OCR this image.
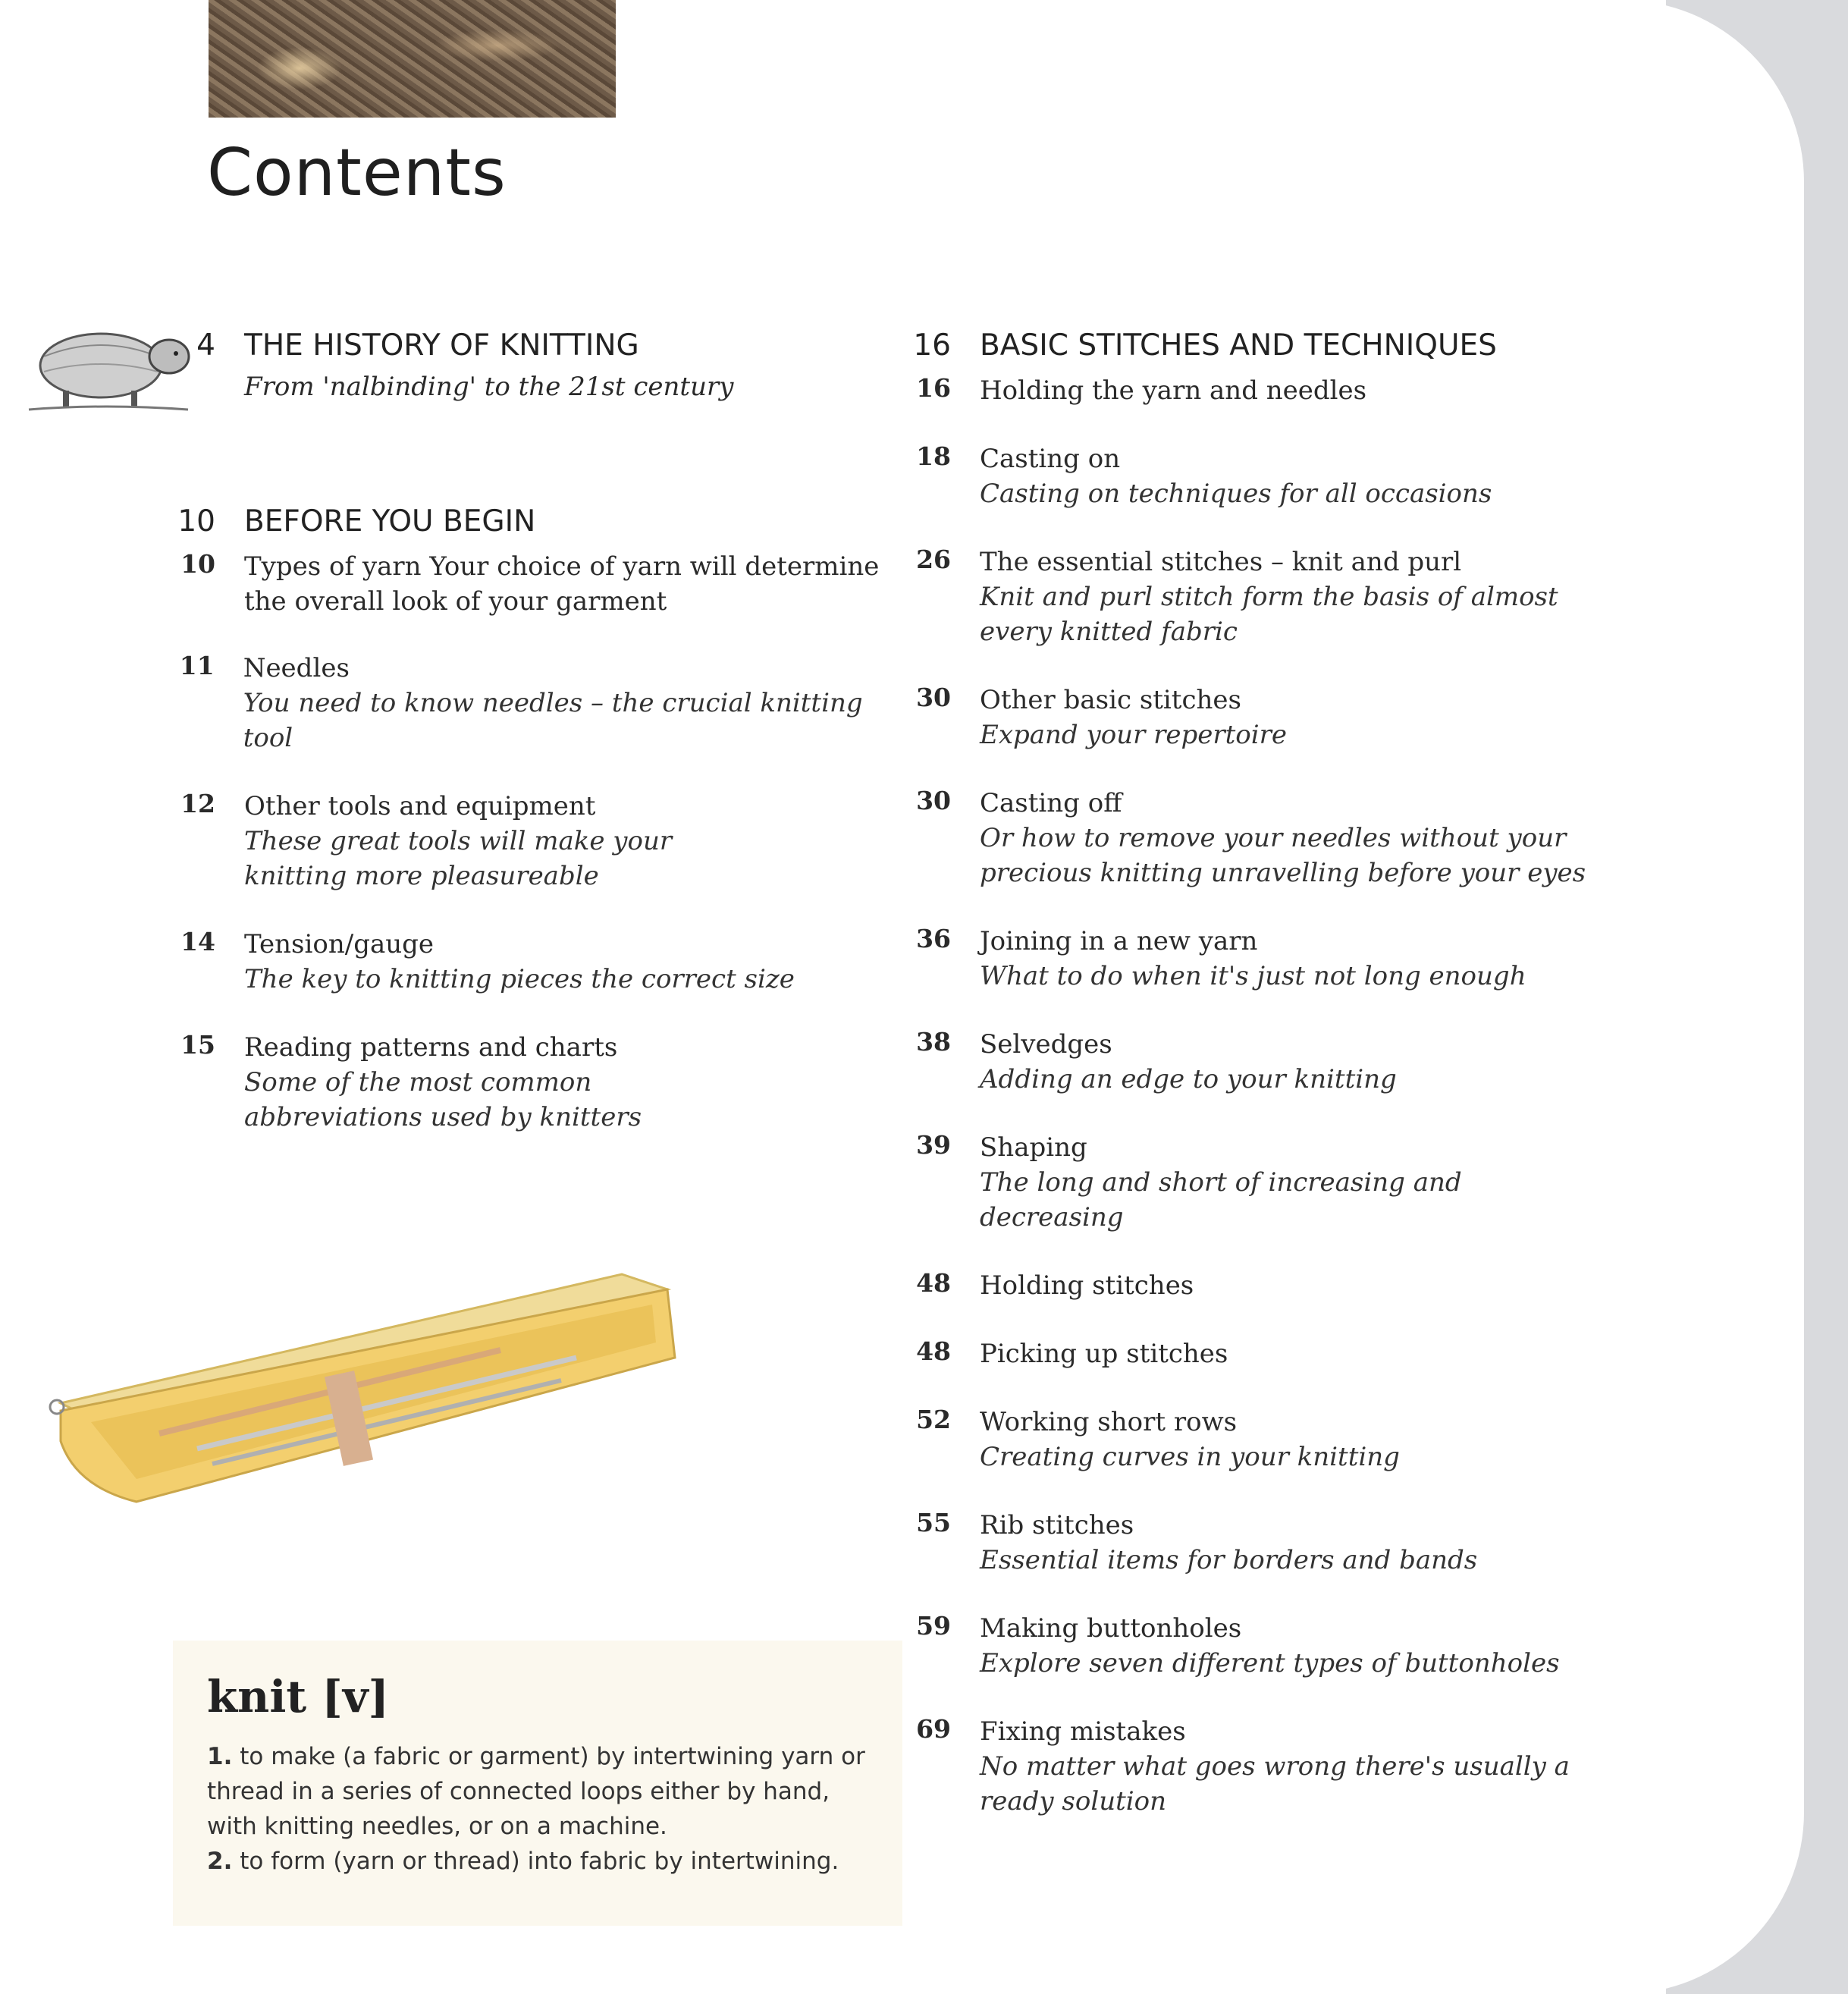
Contents
4 THE HISTORY OF KNITTING
From 'nalbinding' to the 21st century
10 BEFORE YOU BEGIN
10 Types of yarn Your choice of yarn will determine
the overall look of your garment
11 Needles
You need to know needles – the crucial knitting tool
12 Other tools and equipment
These great tools will make your knitting more pleasureable
14 Tension/gauge
The key to knitting pieces the correct size
15 Reading patterns and charts
Some of the most common abbreviations used by knitters
16 BASIC STITCHES AND TECHNIQUES
16 Holding the yarn and needles
18 Casting on
Casting on techniques for all occasions
26 The essential stitches – knit and purl
Knit and purl stitch form the basis of almost every knitted fabric
30 Other basic stitches
Expand your repertoire
30 Casting off
Or how to remove your needles without your precious knitting unravelling before your eyes
36 Joining in a new yarn
What to do when it's just not long enough
38 Selvedges
Adding an edge to your knitting
39 Shaping
The long and short of increasing and decreasing
48 Holding stitches
48 Picking up stitches
52 Working short rows
Creating curves in your knitting
55 Rib stitches
Essential items for borders and bands
59 Making buttonholes
Explore seven different types of buttonholes
69 Fixing mistakes
No matter what goes wrong there's usually a ready solution
knit [v]
1. to make (a fabric or garment) by intertwining yarn or thread in a series of connected loops either by hand, with knitting needles, or on a machine.
2. to form (yarn or thread) into fabric by intertwining.
